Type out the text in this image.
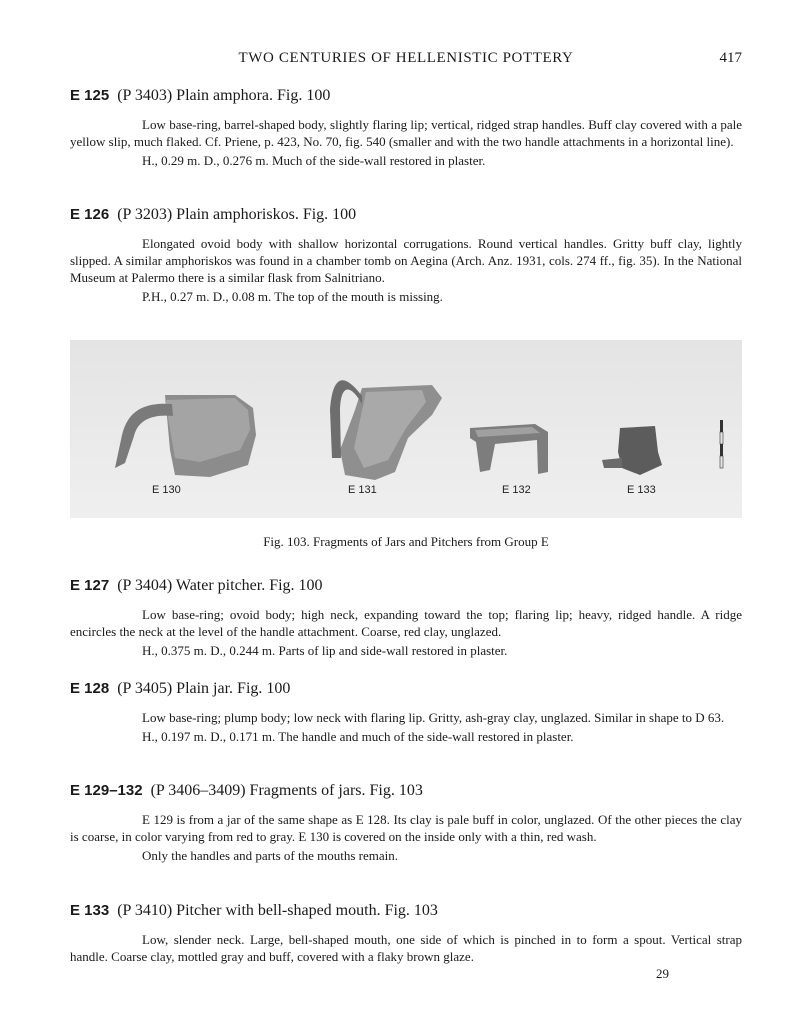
TWO CENTURIES OF HELLENISTIC POTTERY	417
E 125 (P 3403) Plain amphora. Fig. 100

Low base-ring, barrel-shaped body, slightly flaring lip; vertical, ridged strap handles. Buff clay covered with a pale yellow slip, much flaked. Cf. Priene, p. 423, No. 70, fig. 540 (smaller and with the two handle attachments in a horizontal line).

H., 0.29 m. D., 0.276 m. Much of the side-wall restored in plaster.

E 126 (P 3203) Plain amphoriskos. Fig. 100

Elongated ovoid body with shallow horizontal corrugations. Round vertical handles. Gritty buff clay, lightly slipped. A similar amphoriskos was found in a chamber tomb on Aegina (Arch. Anz. 1931, cols. 274 ff., fig. 35). In the National Museum at Palermo there is a similar flask from Salnitriano.

P.H., 0.27 m. D., 0.08 m. The top of the mouth is missing.

E 130	E 131	E 132	E 133
Fig. 103. Fragments of Jars and Pitchers from Group E
E 127 (P 3404) Water pitcher. Fig. 100

Low base-ring; ovoid body; high neck, expanding toward the top; flaring lip; heavy, ridged handle. A ridge encircles the neck at the level of the handle attachment. Coarse, red clay, unglazed.

H., 0.375 m. D., 0.244 m. Parts of lip and side-wall restored in plaster.

E 128 (P 3405) Plain jar. Fig. 100

Low base-ring; plump body; low neck with flaring lip. Gritty, ash-gray clay, unglazed. Similar in shape to D 63.

H., 0.197 m. D., 0.171 m. The handle and much of the side-wall restored in plaster.

E 129–132 (P 3406–3409) Fragments of jars. Fig. 103

E 129 is from a jar of the same shape as E 128. Its clay is pale buff in color, unglazed. Of the other pieces the clay is coarse, in color varying from red to gray. E 130 is covered on the inside only with a thin, red wash.

Only the handles and parts of the mouths remain.

E 133 (P 3410) Pitcher with bell-shaped mouth. Fig. 103

Low, slender neck. Large, bell-shaped mouth, one side of which is pinched in to form a spout. Vertical strap handle. Coarse clay, mottled gray and buff, covered with a flaky brown glaze.

29
